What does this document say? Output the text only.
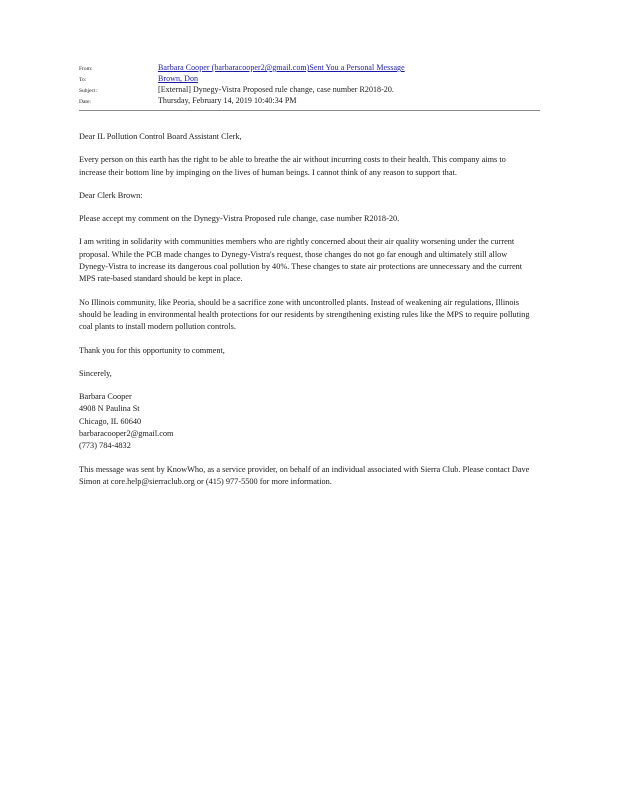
From:	Barbara Cooper (barbaracooper2@gmail.com)Sent You a Personal Message
To:	Brown, Don
Subject:	[External] Dynegy-Vistra Proposed rule change, case number R2018-20.
Date:	Thursday, February 14, 2019 10:40:34 PM

Dear IL Pollution Control Board Assistant Clerk,

Every person on this earth has the right to be able to breathe the air without incurring costs to their health. This company aims to increase their bottom line by impinging on the lives of human beings. I cannot think of any reason to support that.

Dear Clerk Brown:

Please accept my comment on the Dynegy-Vistra Proposed rule change, case number R2018-20.

I am writing in solidarity with communities members who are rightly concerned about their air quality worsening under the current proposal. While the PCB made changes to Dynegy-Vistra's request, those changes do not go far enough and ultimately still allow Dynegy-Vistra to increase its dangerous coal pollution by 40%. These changes to state air protections are unnecessary and the current MPS rate-based standard should be kept in place.

No Illinois community, like Peoria, should be a sacrifice zone with uncontrolled plants. Instead of weakening air regulations, Illinois should be leading in environmental health protections for our residents by strengthening existing rules like the MPS to require polluting coal plants to install modern pollution controls.

Thank you for this opportunity to comment,

Sincerely,

Barbara Cooper
4908 N Paulina St
Chicago, IL 60640
barbaracooper2@gmail.com
(773) 784-4832

This message was sent by KnowWho, as a service provider, on behalf of an individual associated with Sierra Club. Please contact Dave Simon at core.help@sierraclub.org or (415) 977-5500 for more information.
